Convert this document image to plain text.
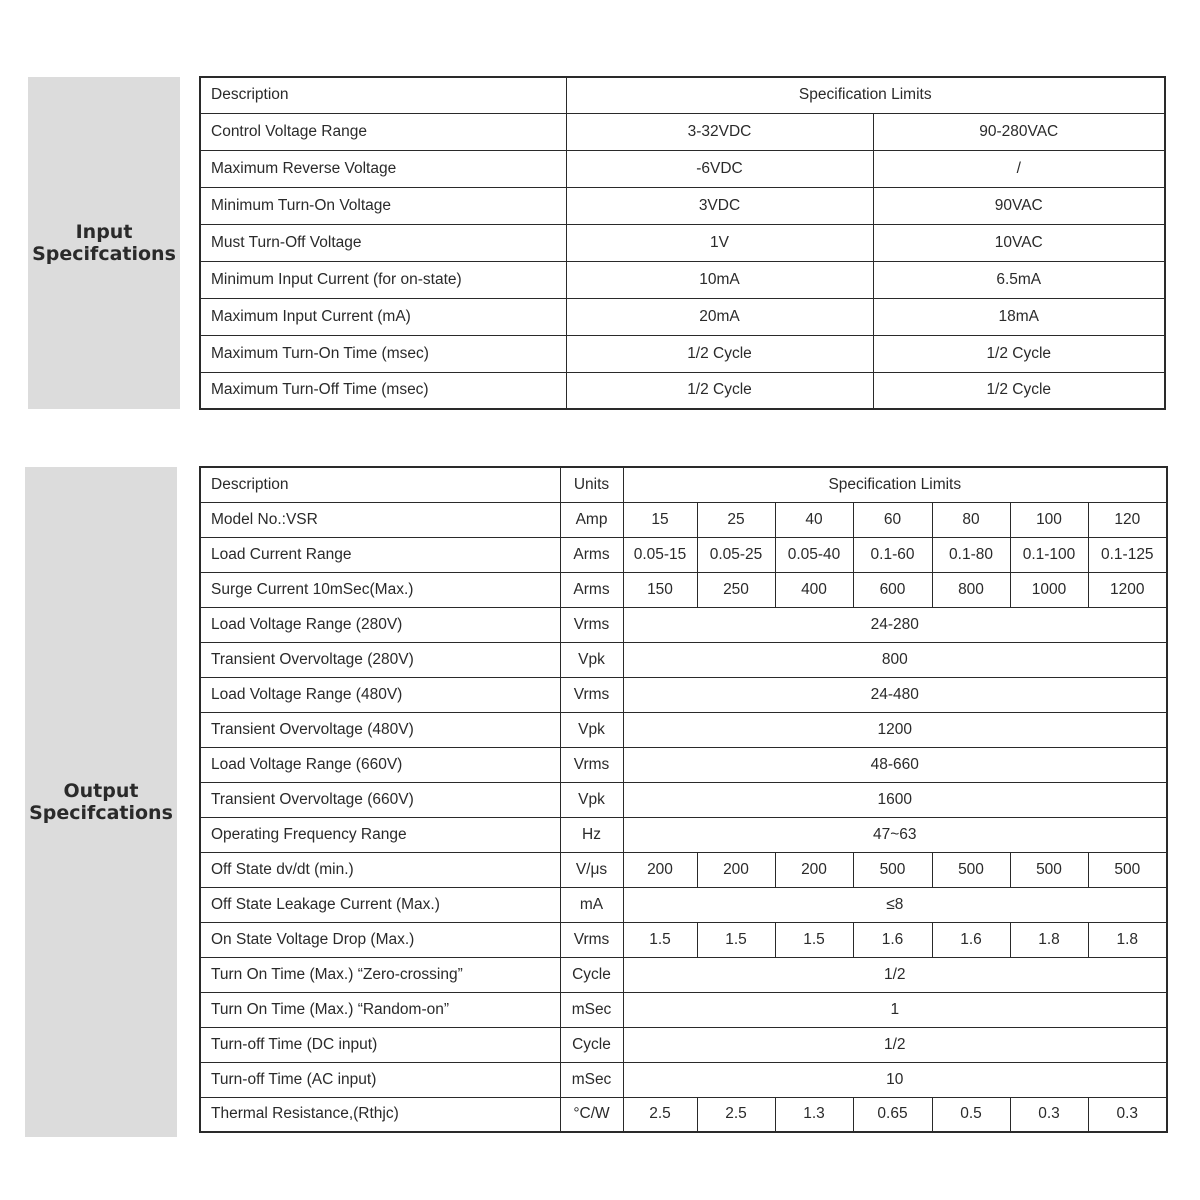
Input
Specifcations
Description	Specification Limits	
Control Voltage Range	3-32VDC	90-280VAC
Maximum Reverse Voltage	-6VDC	/
Minimum Turn-On Voltage	3VDC	90VAC
Must Turn-Off Voltage	1V	10VAC
Minimum Input Current (for on-state)	10mA	6.5mA
Maximum Input Current (mA)	20mA	18mA
Maximum Turn-On Time (msec)	1/2 Cycle	1/2 Cycle
Maximum Turn-Off Time (msec)	1/2 Cycle	1/2 Cycle
Output
Specifcations
Description	Units	Specification Limits						
Model No.:VSR	Amp	15	25	40	60	80	100	120
Load Current Range	Arms	0.05-15	0.05-25	0.05-40	0.1-60	0.1-80	0.1-100	0.1-125
Surge Current 10mSec(Max.)	Arms	150	250	400	600	800	1000	1200
Load Voltage Range (280V)	Vrms	24-280						
Transient Overvoltage (280V)	Vpk	800						
Load Voltage Range (480V)	Vrms	24-480						
Transient Overvoltage (480V)	Vpk	1200						
Load Voltage Range (660V)	Vrms	48-660						
Transient Overvoltage (660V)	Vpk	1600						
Operating Frequency Range	Hz	47~63						
Off State dv/dt (min.)	V/μs	200	200	200	500	500	500	500
Off State Leakage Current (Max.)	mA	≤8						
On State Voltage Drop (Max.)	Vrms	1.5	1.5	1.5	1.6	1.6	1.8	1.8
Turn On Time (Max.) “Zero-crossing”	Cycle	1/2						
Turn On Time (Max.) “Random-on”	mSec	1						
Turn-off Time (DC input)	Cycle	1/2						
Turn-off Time (AC input)	mSec	10						
Thermal Resistance,(Rthjc)	°C/W	2.5	2.5	1.3	0.65	0.5	0.3	0.3
